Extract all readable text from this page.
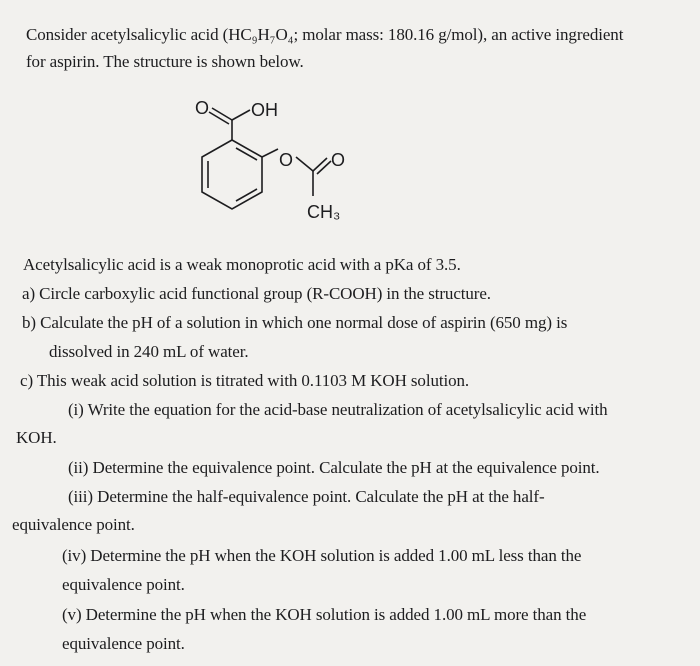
Consider acetylsalicylic acid (HC₉H₇O₄; molar mass: 180.16 g/mol), an active ingredient
for aspirin. The structure is shown below.
O OH
O O
CH₃
Acetylsalicylic acid is a weak monoprotic acid with a pKa of 3.5.
a) Circle carboxylic acid functional group (R-COOH) in the structure.
b) Calculate the pH of a solution in which one normal dose of aspirin (650 mg) is
dissolved in 240 mL of water.
c) This weak acid solution is titrated with 0.1103 M KOH solution.
(i) Write the equation for the acid-base neutralization of acetylsalicylic acid with
KOH.
(ii) Determine the equivalence point. Calculate the pH at the equivalence point.
(iii) Determine the half-equivalence point. Calculate the pH at the half-
equivalence point.
(iv) Determine the pH when the KOH solution is added 1.00 mL less than the
equivalence point.
(v) Determine the pH when the KOH solution is added 1.00 mL more than the
equivalence point.
